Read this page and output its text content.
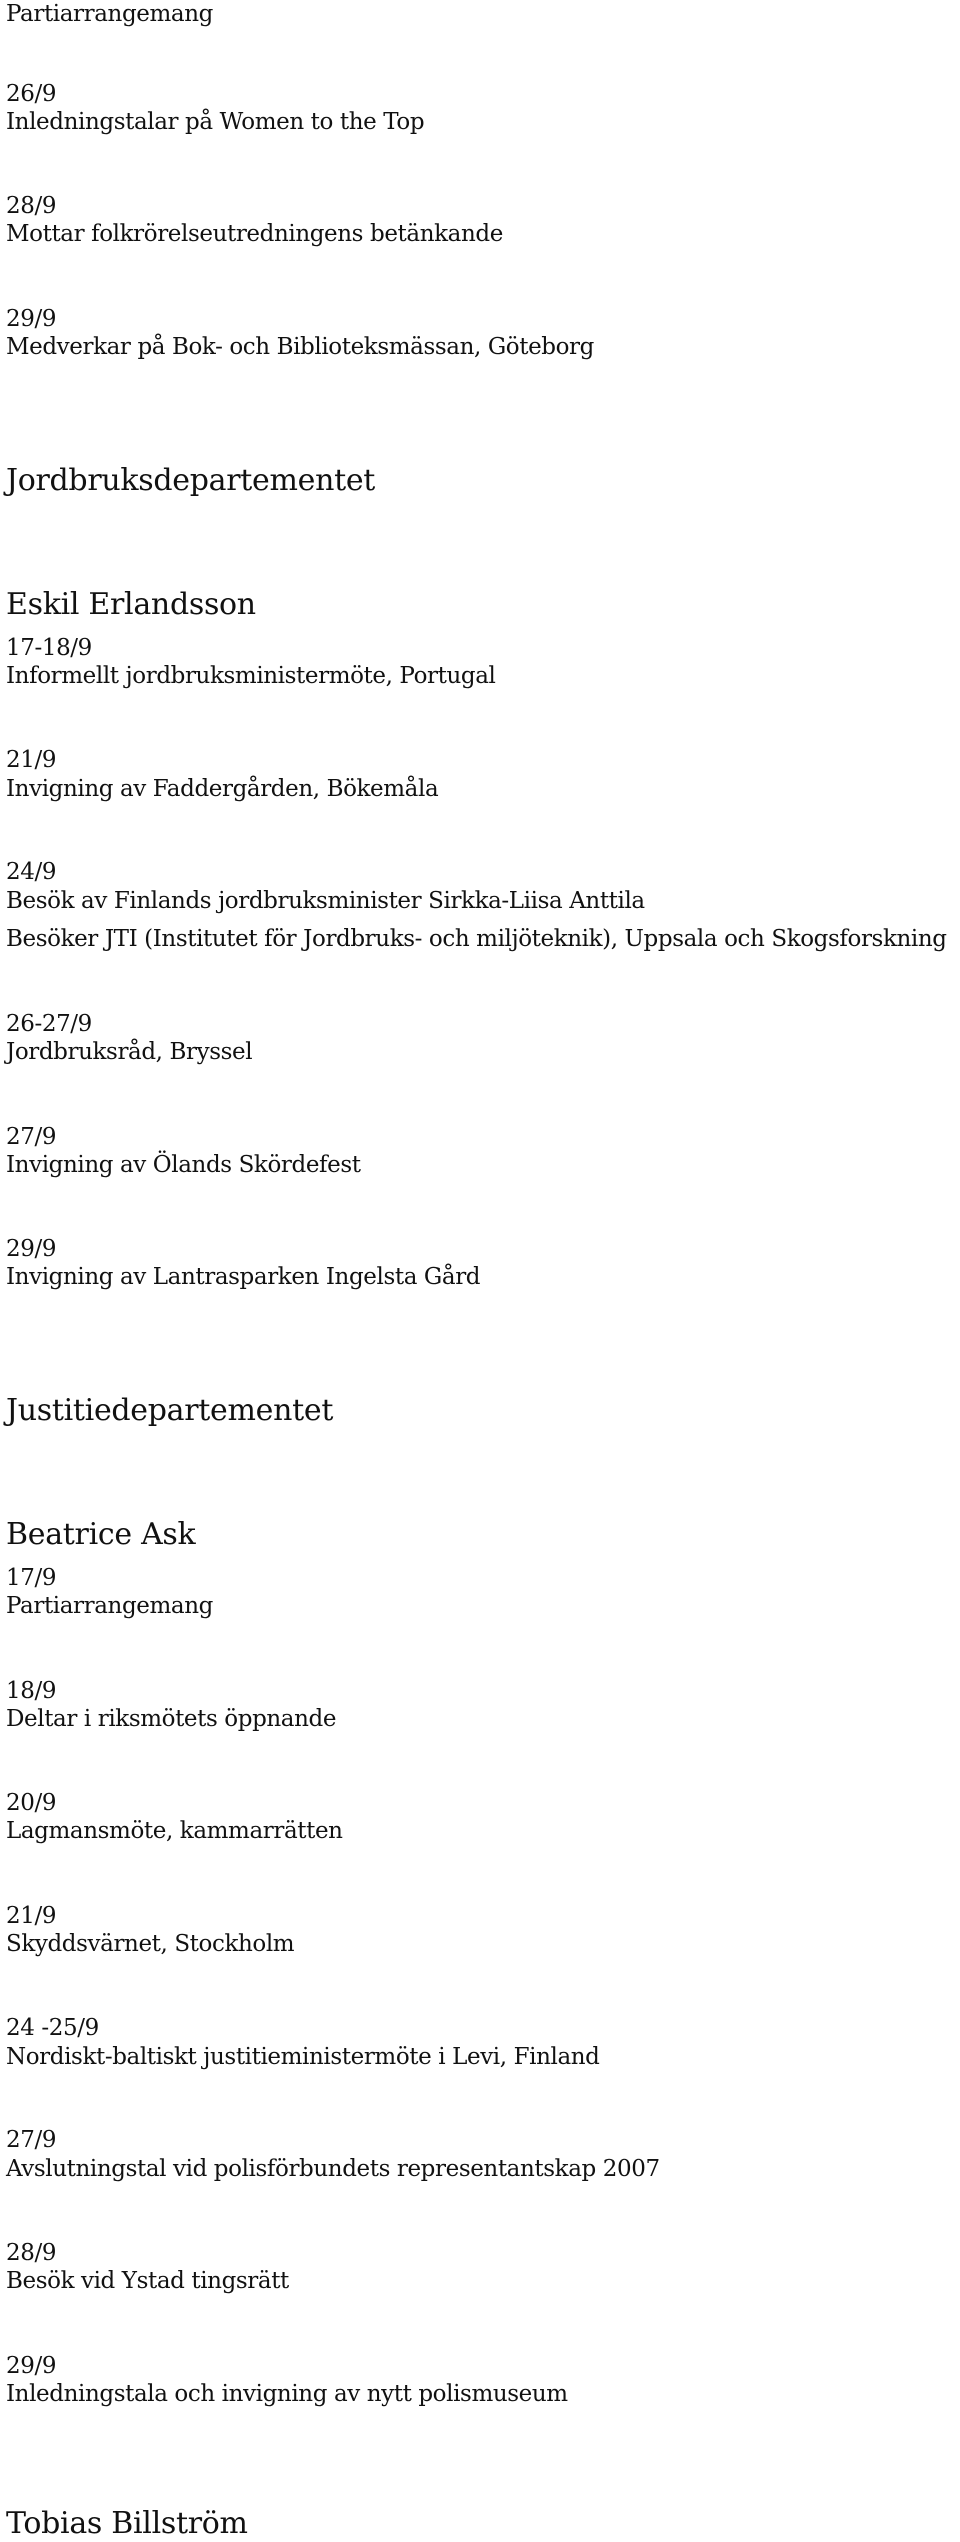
Partiarrangemang
26/9
Inledningstalar på Women to the Top
28/9
Mottar folkrörelseutredningens betänkande
29/9
Medverkar på Bok- och Biblioteksmässan, Göteborg
Jordbruksdepartementet
Eskil Erlandsson
17-18/9
Informellt jordbruksministermöte, Portugal
21/9
Invigning av Faddergården, Bökemåla
24/9
Besök av Finlands jordbruksminister Sirkka-Liisa Anttila
Besöker JTI (Institutet för Jordbruks- och miljöteknik), Uppsala och Skogsforskning
26-27/9
Jordbruksråd, Bryssel
27/9
Invigning av Ölands Skördefest
29/9
Invigning av Lantrasparken Ingelsta Gård
Justitiedepartementet
Beatrice Ask
17/9
Partiarrangemang
18/9
Deltar i riksmötets öppnande
20/9
Lagmansmöte, kammarrätten
21/9
Skyddsvärnet, Stockholm
24 -25/9
Nordiskt-baltiskt justitieministermöte i Levi, Finland
27/9
Avslutningstal vid polisförbundets representantskap 2007
28/9
Besök vid Ystad tingsrätt
29/9
Inledningstala och invigning av nytt polismuseum
Tobias Billström
